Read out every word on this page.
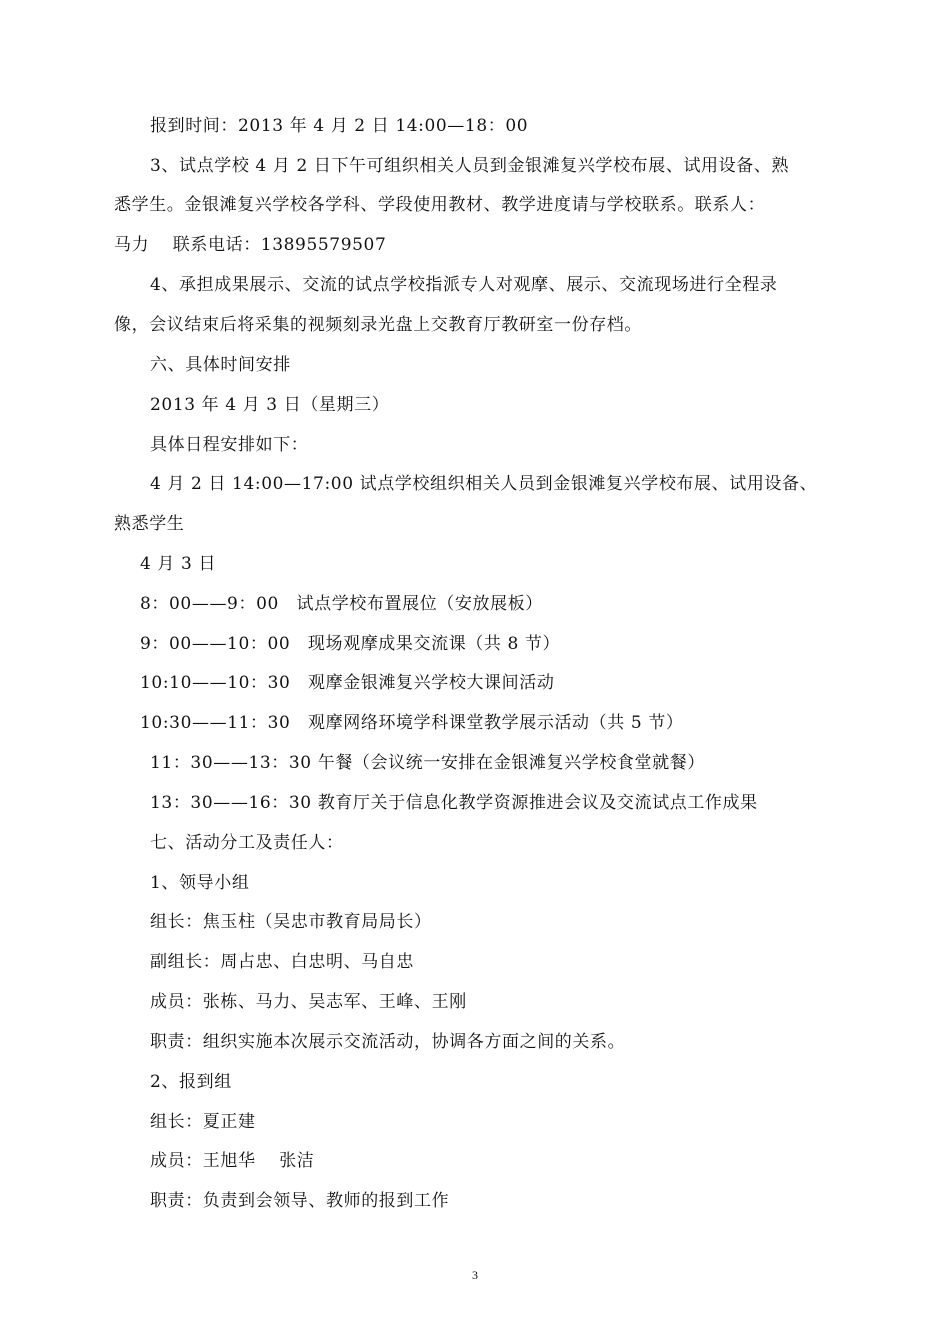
报到时间：2013 年 4 月 2 日 14:00—18：00
3、试点学校 4 月 2 日下午可组织相关人员到金银滩复兴学校布展、试用设备、熟
悉学生。金银滩复兴学校各学科、学段使用教材、教学进度请与学校联系。联系人：
马力　 联系电话：13895579507
4、承担成果展示、交流的试点学校指派专人对观摩、展示、交流现场进行全程录
像，会议结束后将采集的视频刻录光盘上交教育厅教研室一份存档。
六、具体时间安排
2013 年 4 月 3 日（星期三）
具体日程安排如下：
4 月 2 日 14:00—17:00 试点学校组织相关人员到金银滩复兴学校布展、试用设备、
熟悉学生
4 月 3 日
8：00——9：00　试点学校布置展位（安放展板）
9：00——10：00　现场观摩成果交流课（共 8 节）
10:10——10：30　观摩金银滩复兴学校大课间活动
10:30——11：30　观摩网络环境学科课堂教学展示活动（共 5 节）
11：30——13：30 午餐（会议统一安排在金银滩复兴学校食堂就餐）
13：30——16：30 教育厅关于信息化教学资源推进会议及交流试点工作成果
七、活动分工及责任人：
1、领导小组
组长：焦玉柱（吴忠市教育局局长）
副组长：周占忠、白忠明、马自忠
成员：张栋、马力、吴志军、王峰、王刚
职责：组织实施本次展示交流活动，协调各方面之间的关系。
2、报到组
组长：夏正建
成员：王旭华　 张洁
职责：负责到会领导、教师的报到工作
3
